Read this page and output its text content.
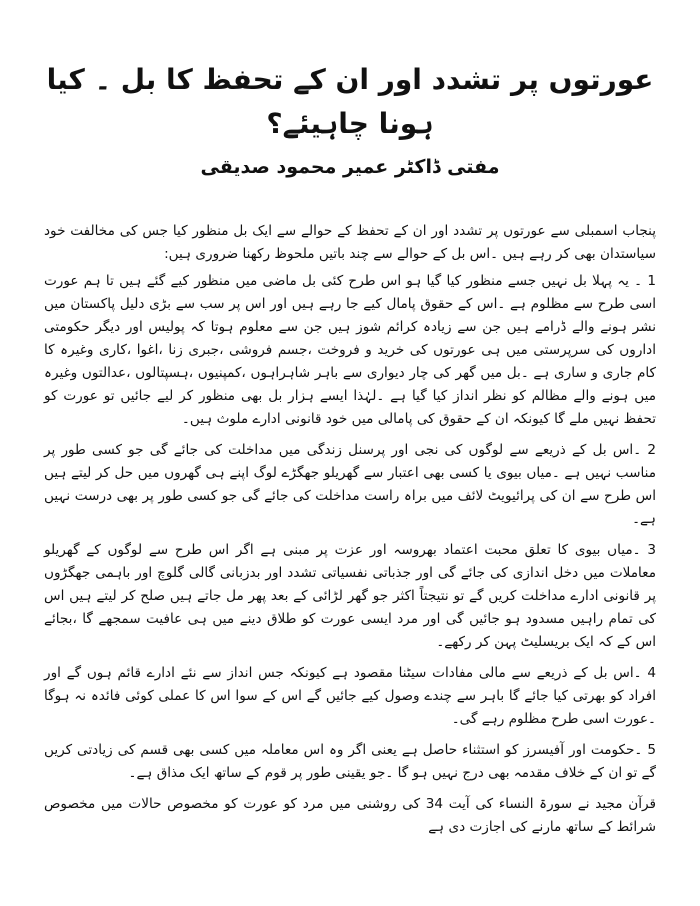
عورتوں پر تشدد اور ان کے تحفظ کا بل ۔ کیا ہونا چاہیئے؟
مفتی ڈاکٹر عمیر محمود صدیقی

پنجاب اسمبلی سے عورتوں پر تشدد اور ان کے تحفظ کے حوالے سے ایک بل منظور کیا جس کی مخالفت خود سیاستدان بھی کر رہے ہیں ۔اس بل کے حوالے سے چند باتیں ملحوظ رکھنا ضروری ہیں:

1 ۔ یہ پہلا بل نہیں جسے منظور کیا گیا ہو اس طرح کئی بل ماضی میں منظور کیے گئے ہیں تا ہم عورت اسی طرح سے مظلوم ہے ۔اس کے حقوق پامال کیے جا رہے ہیں اور اس پر سب سے بڑی دلیل پاکستان میں نشر ہونے والے ڈرامے ہیں جن سے زیادہ کرائم شوز ہیں جن سے معلوم ہوتا کہ پولیس اور دیگر حکومتی اداروں کی سرپرستی میں ہی عورتوں کی خرید و فروخت ،جسم فروشی ،جبری زنا ،اغوا ،کاری وغیرہ کا کام جاری و ساری ہے ۔بل میں گھر کی چار دیواری سے باہر شاہراہوں ،کمپنیوں ،ہسپتالوں ،عدالتوں وغیرہ میں ہونے والے مظالم کو نظر انداز کیا گیا ہے ۔لہٰذا ایسے ہزار بل بھی منظور کر لیے جائیں تو عورت کو تحفظ نہیں ملے گا کیونکہ ان کے حقوق کی پامالی میں خود قانونی ادارے ملوث ہیں۔

2 ۔اس بل کے ذریعے سے لوگوں کی نجی اور پرسنل زندگی میں مداخلت کی جائے گی جو کسی طور پر مناسب نہیں ہے ۔میاں بیوی یا کسی بھی اعتبار سے گھریلو جھگڑے لوگ اپنے ہی گھروں میں حل کر لیتے ہیں اس طرح سے ان کی پرائیویٹ لائف میں براہ راست مداخلت کی جائے گی جو کسی طور پر بھی درست نہیں ہے۔

3 ۔میاں بیوی کا تعلق محبت اعتماد بھروسہ اور عزت پر مبنی ہے اگر اس طرح سے لوگوں کے گھریلو معاملات میں دخل اندازی کی جائے گی اور جذباتی نفسیاتی تشدد اور بدزبانی گالی گلوچ اور باہمی جھگڑوں پر قانونی ادارے مداخلت کریں گے تو نتیجتاً اکثر جو گھر لڑائی کے بعد پھر مل جاتے ہیں صلح کر لیتے ہیں اس کی تمام راہیں مسدود ہو جائیں گی اور مرد ایسی عورت کو طلاق دینے میں ہی عافیت سمجھے گا ،بجائے اس کے کہ ایک بریسلیٹ پہن کر رکھے۔

4 ۔اس بل کے ذریعے سے مالی مفادات سیٹنا مقصود ہے کیونکہ جس انداز سے نئے ادارے قائم ہوں گے اور افراد کو بھرتی کیا جائے گا باہر سے چندے وصول کیے جائیں گے اس کے سوا اس کا عملی کوئی فائدہ نہ ہوگا ۔عورت اسی طرح مظلوم رہے گی۔

5 ۔حکومت اور آفیسرز کو استثناء حاصل ہے یعنی اگر وہ اس معاملہ میں کسی بھی قسم کی زیادتی کریں گے تو ان کے خلاف مقدمہ بھی درج نہیں ہو گا ۔جو یقینی طور پر قوم کے ساتھ ایک مذاق ہے۔

قرآن مجید نے سورۃ النساء کی آیت 34 کی روشنی میں مرد کو عورت کو مخصوص حالات میں مخصوص شرائط کے ساتھ مارنے کی اجازت دی ہے
